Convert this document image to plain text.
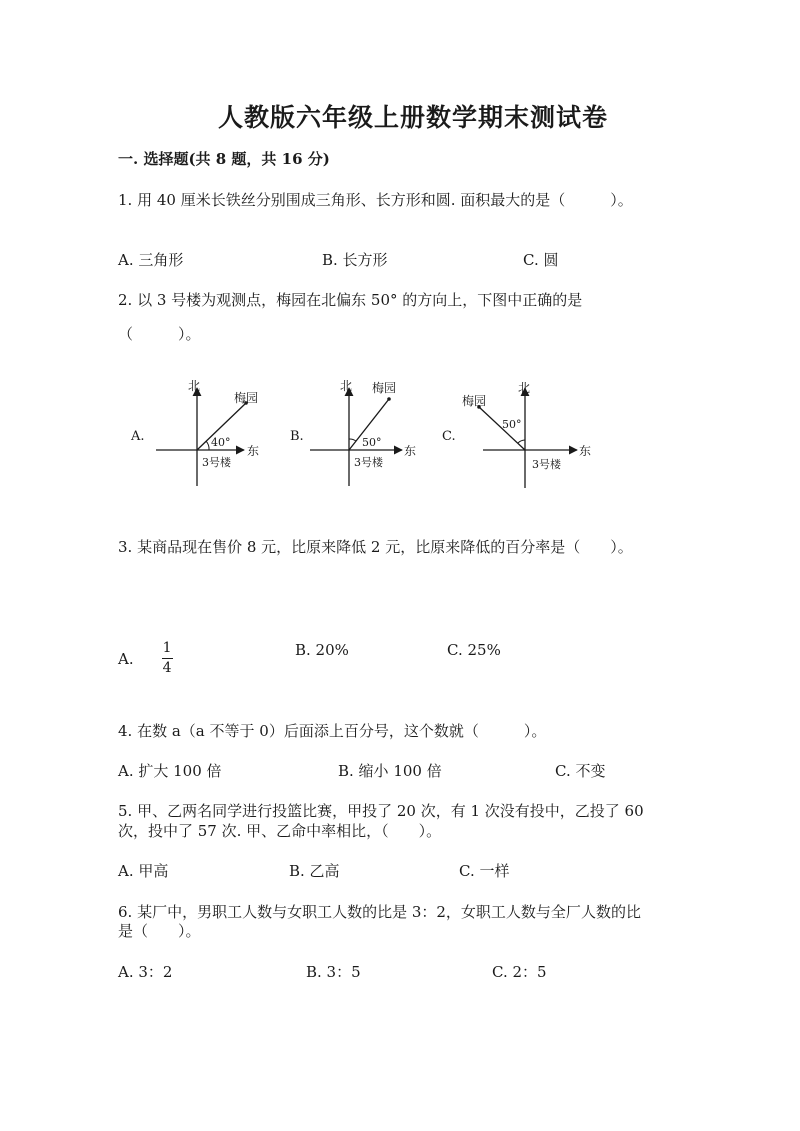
人教版六年级上册数学期末测试卷
一. 选择题(共 8 题，共 16 分)
1. 用 40 厘米长铁丝分别围成三角形、长方形和圆. 面积最大的是（　　　）。
A. 三角形	B. 长方形	C. 圆
2. 以 3 号楼为观测点，梅园在北偏东 50° 的方向上，下图中正确的是
（　　　）。
A.
北
东
梅园
40°
3号楼
B.
北
东
梅园
50°
3号楼
C.
北
东
梅园
50°
3号楼
3. 某商品现在售价 8 元，比原来降低 2 元，比原来降低的百分率是（　　）。
A. $\frac{1}{4}$	B. 20%	C. 25%
4. 在数 a（a 不等于 0）后面添上百分号，这个数就（　　　）。
A. 扩大 100 倍	B. 缩小 100 倍	C. 不变
5. 甲、乙两名同学进行投篮比赛，甲投了 20 次，有 1 次没有投中，乙投了 60
次，投中了 57 次. 甲、乙命中率相比，（　　）。
A. 甲高	B. 乙高	C. 一样
6. 某厂中，男职工人数与女职工人数的比是 3：2，女职工人数与全厂人数的比
是（　　）。
A. 3：2	B. 3：5	C. 2：5
